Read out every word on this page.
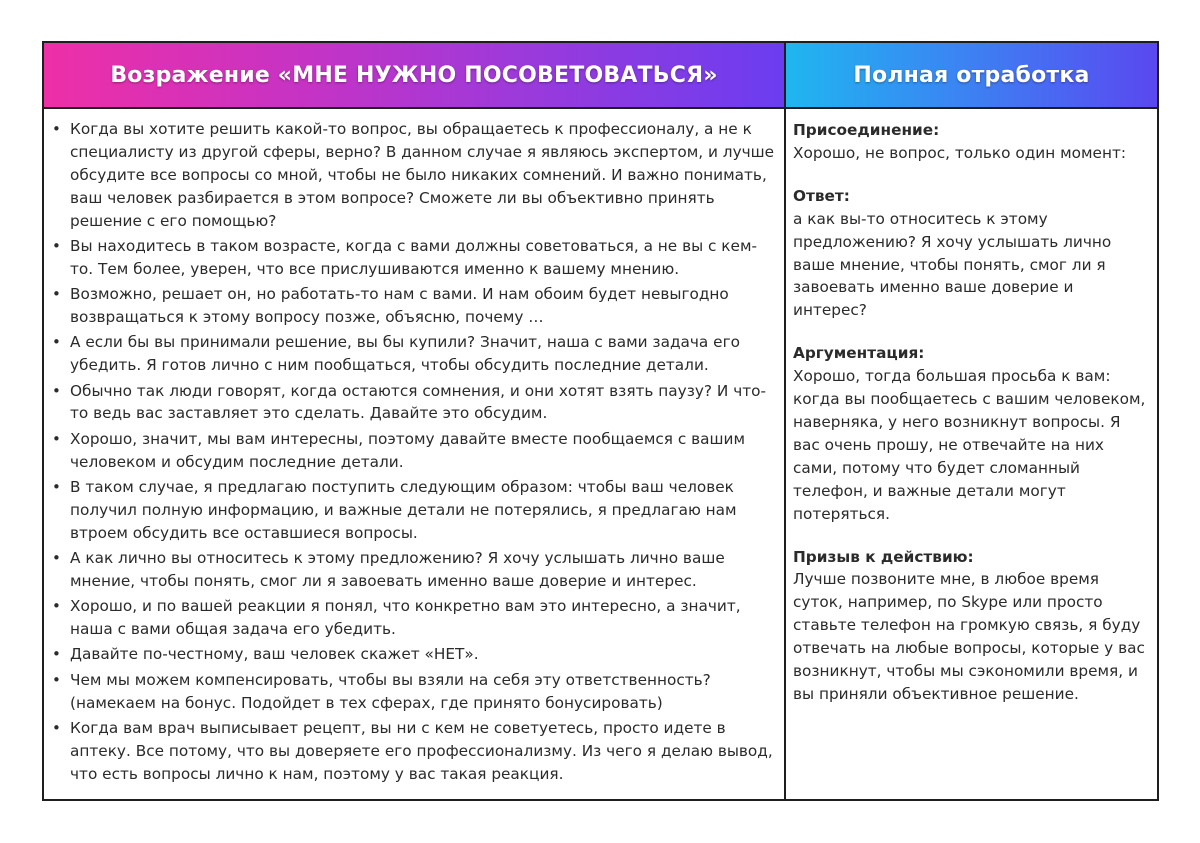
Возражение «МНЕ НУЖНО ПОСОВЕТОВАТЬСЯ»	Полная отработка
• Когда вы хотите решить какой-то вопрос, вы обращаетесь к профессионалу, а не к специалисту из другой сферы, верно? В данном случае я являюсь экспертом, и лучше обсудите все вопросы со мной, чтобы не было никаких сомнений. И важно понимать, ваш человек разбирается в этом вопросе? Сможете ли вы объективно принять решение с его помощью?
• Вы находитесь в таком возрасте, когда с вами должны советоваться, а не вы с кем-то. Тем более, уверен, что все прислушиваются именно к вашему мнению.
• Возможно, решает он, но работать-то нам с вами. И нам обоим будет невыгодно возвращаться к этому вопросу позже, объясню, почему …
• А если бы вы принимали решение, вы бы купили? Значит, наша с вами задача его убедить. Я готов лично с ним пообщаться, чтобы обсудить последние детали.
• Обычно так люди говорят, когда остаются сомнения, и они хотят взять паузу? И что-то ведь вас заставляет это сделать. Давайте это обсудим.
• Хорошо, значит, мы вам интересны, поэтому давайте вместе пообщаемся с вашим человеком и обсудим последние детали.
• В таком случае, я предлагаю поступить следующим образом: чтобы ваш человек получил полную информацию, и важные детали не потерялись, я предлагаю нам втроем обсудить все оставшиеся вопросы.
• А как лично вы относитесь к этому предложению? Я хочу услышать лично ваше мнение, чтобы понять, смог ли я завоевать именно ваше доверие и интерес.
• Хорошо, и по вашей реакции я понял, что конкретно вам это интересно, а значит, наша с вами общая задача его убедить.
• Давайте по-честному, ваш человек скажет «НЕТ».
• Чем мы можем компенсировать, чтобы вы взяли на себя эту ответственность? (намекаем на бонус. Подойдет в тех сферах, где принято бонусировать)
• Когда вам врач выписывает рецепт, вы ни с кем не советуетесь, просто идете в аптеку. Все потому, что вы доверяете его профессионализму. Из чего я делаю вывод, что есть вопросы лично к нам, поэтому у вас такая реакция.
Присоединение:
Хорошо, не вопрос, только один момент:
Ответ:
а как вы-то относитесь к этому предложению? Я хочу услышать лично ваше мнение, чтобы понять, смог ли я завоевать именно ваше доверие и интерес?
Аргументация:
Хорошо, тогда большая просьба к вам: когда вы пообщаетесь с вашим человеком, наверняка, у него возникнут вопросы. Я вас очень прошу, не отвечайте на них сами, потому что будет сломанный телефон, и важные детали могут потеряться.
Призыв к действию:
Лучше позвоните мне, в любое время суток, например, по Skype или просто ставьте телефон на громкую связь, я буду отвечать на любые вопросы, которые у вас возникнут, чтобы мы сэкономили время, и вы приняли объективное решение.
